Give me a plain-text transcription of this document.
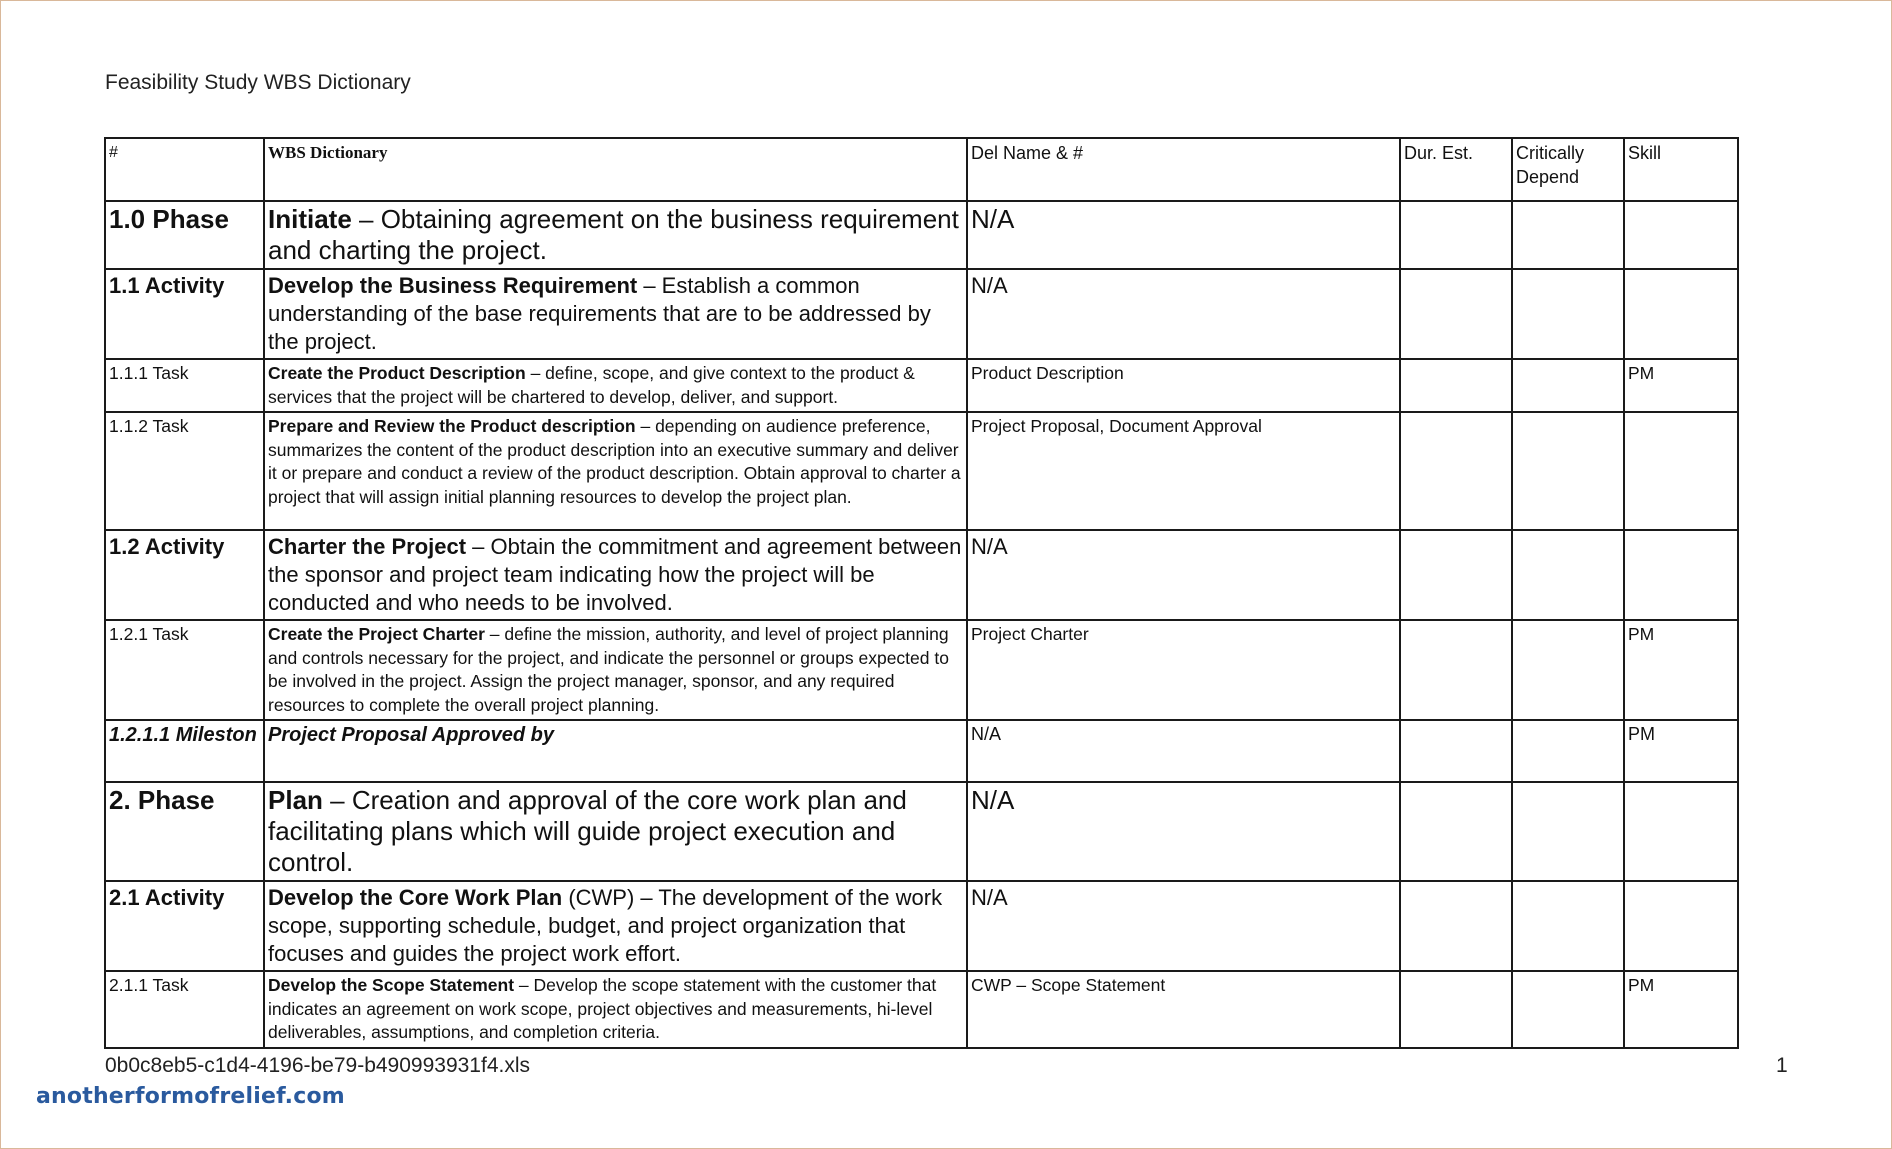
Feasibility Study WBS Dictionary
#	WBS Dictionary	Del Name & #	Dur. Est.	Critically Depend	Skill
1.0 Phase	Initiate – Obtaining agreement on the business requirement and charting the project.	N/A			
1.1 Activity	Develop the Business Requirement – Establish a common understanding of the base requirements that are to be addressed by the project.	N/A			
1.1.1 Task	Create the Product Description – define, scope, and give context to the product & services that the project will be chartered to develop, deliver, and support.	Product Description			PM
1.1.2 Task	Prepare and Review the Product description – depending on audience preference, summarizes the content of the product description into an executive summary and deliver it or prepare and conduct a review of the product description. Obtain approval to charter a project that will assign initial planning resources to develop the project plan.	Project Proposal, Document Approval			
1.2 Activity	Charter the Project – Obtain the commitment and agreement between the sponsor and project team indicating how the project will be conducted and who needs to be involved.	N/A			
1.2.1 Task	Create the Project Charter – define the mission, authority, and level of project planning and controls necessary for the project, and indicate the personnel or groups expected to be involved in the project. Assign the project manager, sponsor, and any required resources to complete the overall project planning.	Project Charter			PM
1.2.1.1 Mileston	Project Proposal Approved by	N/A			PM
2. Phase	Plan – Creation and approval of the core work plan and facilitating plans which will guide project execution and control.	N/A			
2.1 Activity	Develop the Core Work Plan (CWP) – The development of the work scope, supporting schedule, budget, and project organization that focuses and guides the project work effort.	N/A			
2.1.1 Task	Develop the Scope Statement – Develop the scope statement with the customer that indicates an agreement on work scope, project objectives and measurements, hi-level deliverables, assumptions, and completion criteria.	CWP – Scope Statement			PM
0b0c8eb5-c1d4-4196-be79-b490993931f4.xls	1
anotherformofrelief.com
